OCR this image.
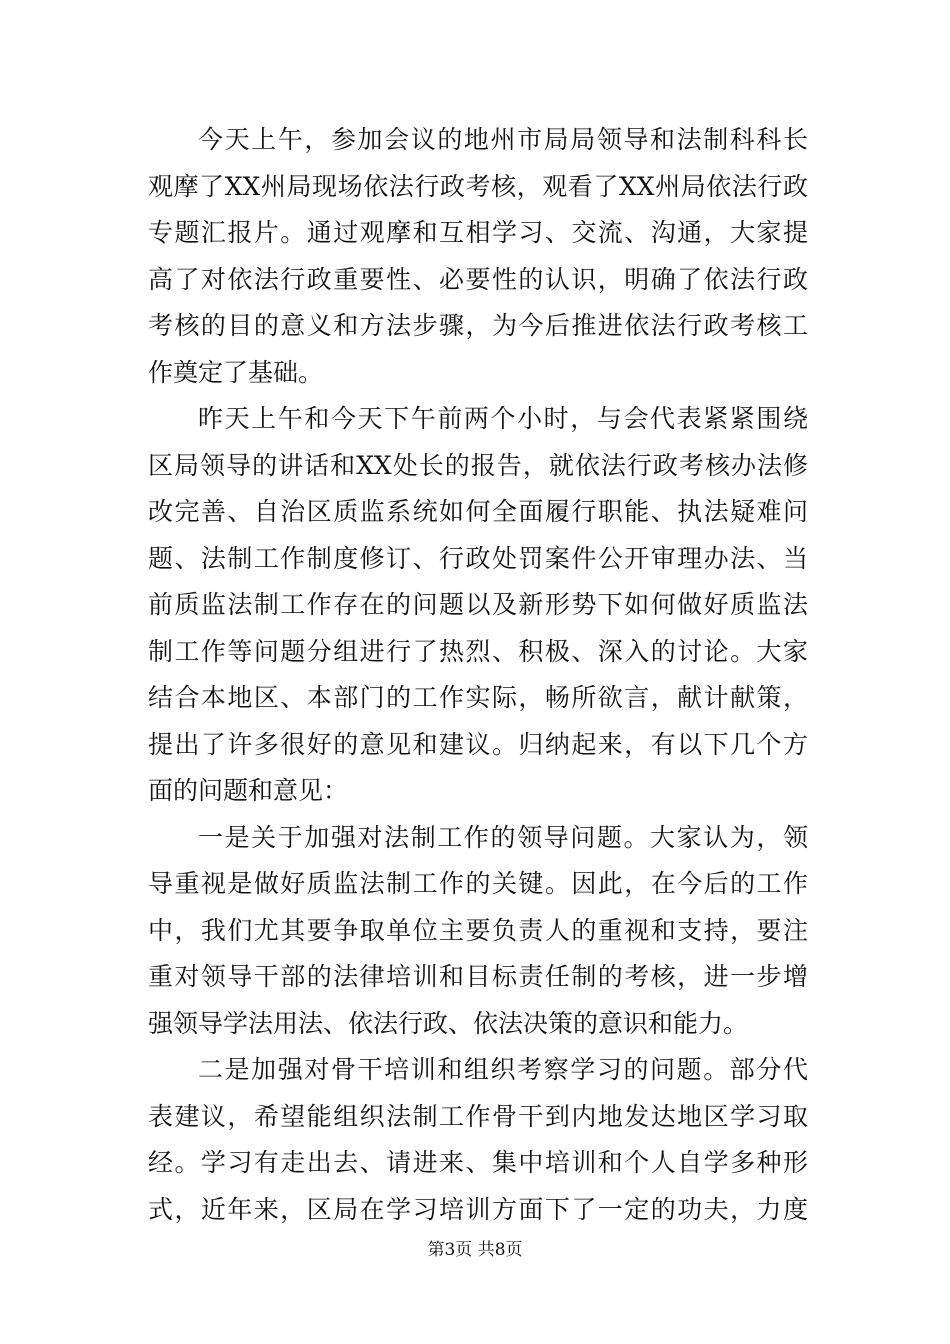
今天上午，参加会议的地州市局局领导和法制科科长
观摩了XX州局现场依法行政考核，观看了XX州局依法行政
专题汇报片。通过观摩和互相学习、交流、沟通，大家提
高了对依法行政重要性、必要性的认识，明确了依法行政
考核的目的意义和方法步骤，为今后推进依法行政考核工
作奠定了基础。
昨天上午和今天下午前两个小时，与会代表紧紧围绕
区局领导的讲话和XX处长的报告，就依法行政考核办法修
改完善、自治区质监系统如何全面履行职能、执法疑难问
题、法制工作制度修订、行政处罚案件公开审理办法、当
前质监法制工作存在的问题以及新形势下如何做好质监法
制工作等问题分组进行了热烈、积极、深入的讨论。大家
结合本地区、本部门的工作实际，畅所欲言，献计献策，
提出了许多很好的意见和建议。归纳起来，有以下几个方
面的问题和意见：
一是关于加强对法制工作的领导问题。大家认为，领
导重视是做好质监法制工作的关键。因此，在今后的工作
中，我们尤其要争取单位主要负责人的重视和支持，要注
重对领导干部的法律培训和目标责任制的考核，进一步增
强领导学法用法、依法行政、依法决策的意识和能力。
二是加强对骨干培训和组织考察学习的问题。部分代
表建议，希望能组织法制工作骨干到内地发达地区学习取
经。学习有走出去、请进来、集中培训和个人自学多种形
式，近年来，区局在学习培训方面下了一定的功夫，力度
第3页 共8页
